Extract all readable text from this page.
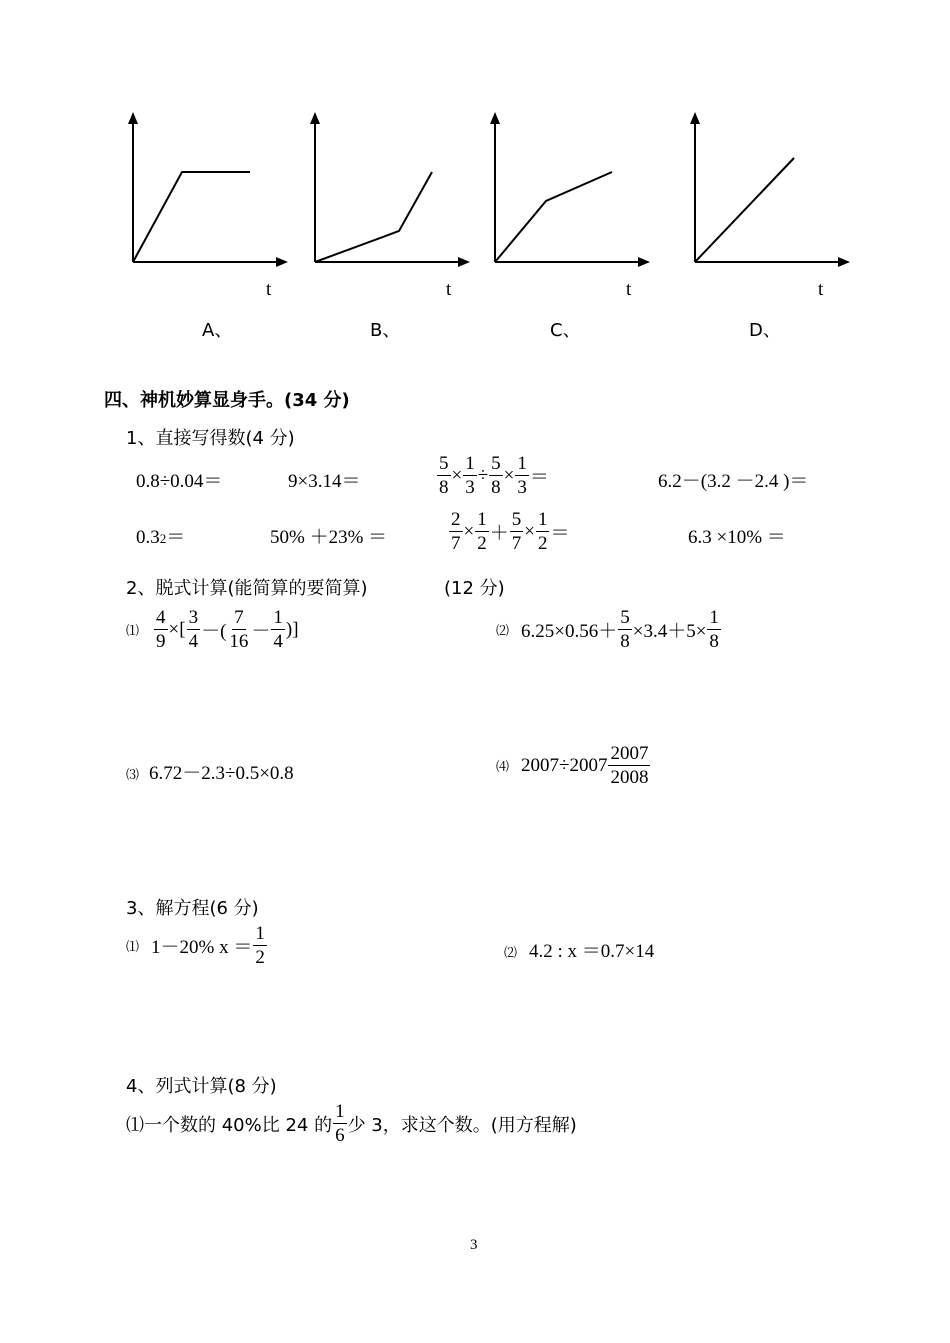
t	t	t	t
A、	B、	C、	D、
四、神机妙算显身手。(34 分)
1、直接写得数(4 分)
0.8÷0.04＝	9×3.14＝	$\frac{5}{8} \times \frac{1}{3} \div \frac{5}{8} \times \frac{1}{3}$ ＝	6.2－(3.2 －2.4 )＝
0.32＝	50% ＋23% ＝	$\frac{2}{7} \times \frac{1}{2} + \frac{5}{7} \times \frac{1}{2}$ ＝	6.3 ×10% ＝
2、脱式计算(能简算的要简算)	(12 分)
⑴ $\frac{4}{9}$ ×[ $\frac{3}{4}$ －( $\frac{7}{16} - \frac{1}{4}$ )]	⑵ $6.25\times 0.56+ \frac{5}{8} \times 3.4+5\times \frac{1}{8}$
⑶ 6.72－2.3÷0.5×0.8	⑷ $2007\div 2007 \frac{2007}{2008}$
3、解方程(6 分)
⑴ 1－20% $x = \frac{1}{2}$	⑵ 4.2 : x ＝0.7×14
4、列式计算(8 分)
⑴一个数的 40%比 24 的 $\frac{1}{6}$ 少 3，求这个数。(用方程解)
3
